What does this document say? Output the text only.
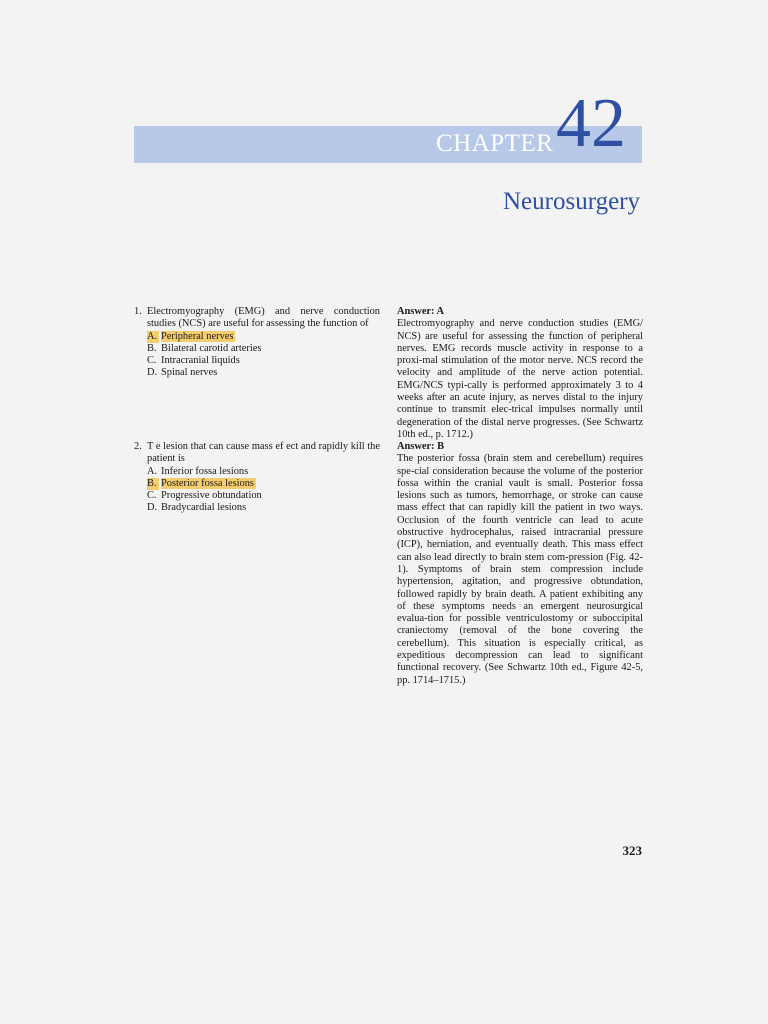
CHAPTER 42
Neurosurgery
1. Electromyography (EMG) and nerve conduction studies (NCS) are useful for assessing the function of
A. Peripheral nerves
B. Bilateral carotid arteries
C. Intracranial liquids
D. Spinal nerves
Answer: A
Electromyography and nerve conduction studies (EMG/ NCS) are useful for assessing the function of peripheral nerves. EMG records muscle activity in response to a proxi-mal stimulation of the motor nerve. NCS record the velocity and amplitude of the nerve action potential. EMG/NCS typi-cally is performed approximately 3 to 4 weeks after an acute injury, as nerves distal to the injury continue to transmit elec-trical impulses normally until degeneration of the distal nerve progresses. (See Schwartz 10th ed., p. 1712.)
2. T e lesion that can cause mass ef ect and rapidly kill the patient is
A. Inferior fossa lesions
B. Posterior fossa lesions
C. Progressive obtundation
D. Bradycardial lesions
Answer: B
The posterior fossa (brain stem and cerebellum) requires spe-cial consideration because the volume of the posterior fossa within the cranial vault is small. Posterior fossa lesions such as tumors, hemorrhage, or stroke can cause mass effect that can rapidly kill the patient in two ways. Occlusion of the fourth ventricle can lead to acute obstructive hydrocephalus, raised intracranial pressure (ICP), herniation, and eventually death. This mass effect can also lead directly to brain stem com-pression (Fig. 42-1). Symptoms of brain stem compression include hypertension, agitation, and progressive obtundation, followed rapidly by brain death. A patient exhibiting any of these symptoms needs an emergent neurosurgical evalua-tion for possible ventriculostomy or suboccipital craniectomy (removal of the bone covering the cerebellum). This situation is especially critical, as expeditious decompression can lead to significant functional recovery. (See Schwartz 10th ed., Figure 42-5, pp. 1714–1715.)
323
